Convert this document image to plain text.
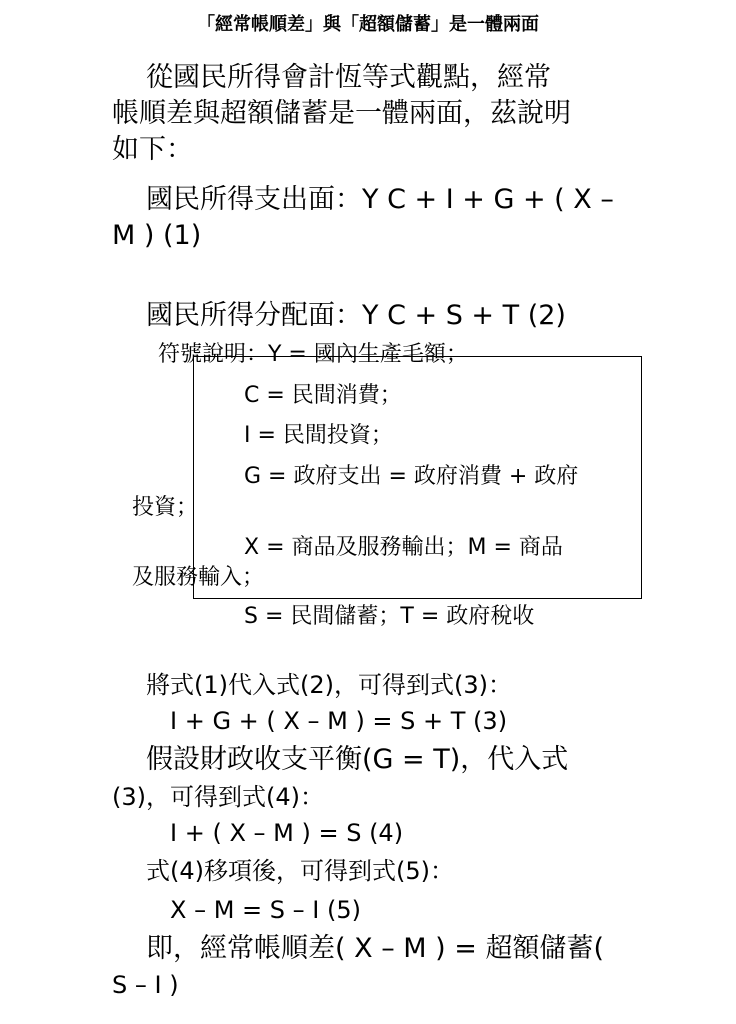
「經常帳順差」與「超額儲蓄」是一體兩面
從國民所得會計恆等式觀點，經常
帳順差與超額儲蓄是一體兩面，茲說明
如下：
國民所得支出面：Y C + I + G + ( X –
M ) (1)
國民所得分配面：Y C + S + T (2)
符號說明：Y = 國內生產毛額；
C = 民間消費；
I = 民間投資；
G = 政府支出 = 政府消費 + 政府
投資；
X = 商品及服務輸出；M = 商品
及服務輸入；
S = 民間儲蓄；T = 政府稅收
將式(1)代入式(2)，可得到式(3)：
I + G + ( X – M ) = S + T (3)
假設財政收支平衡(G = T)，代入式
(3)，可得到式(4)：
I + ( X – M ) = S (4)
式(4)移項後，可得到式(5)：
X – M = S – I (5)
即，經常帳順差( X – M ) = 超額儲蓄(
S – I )
